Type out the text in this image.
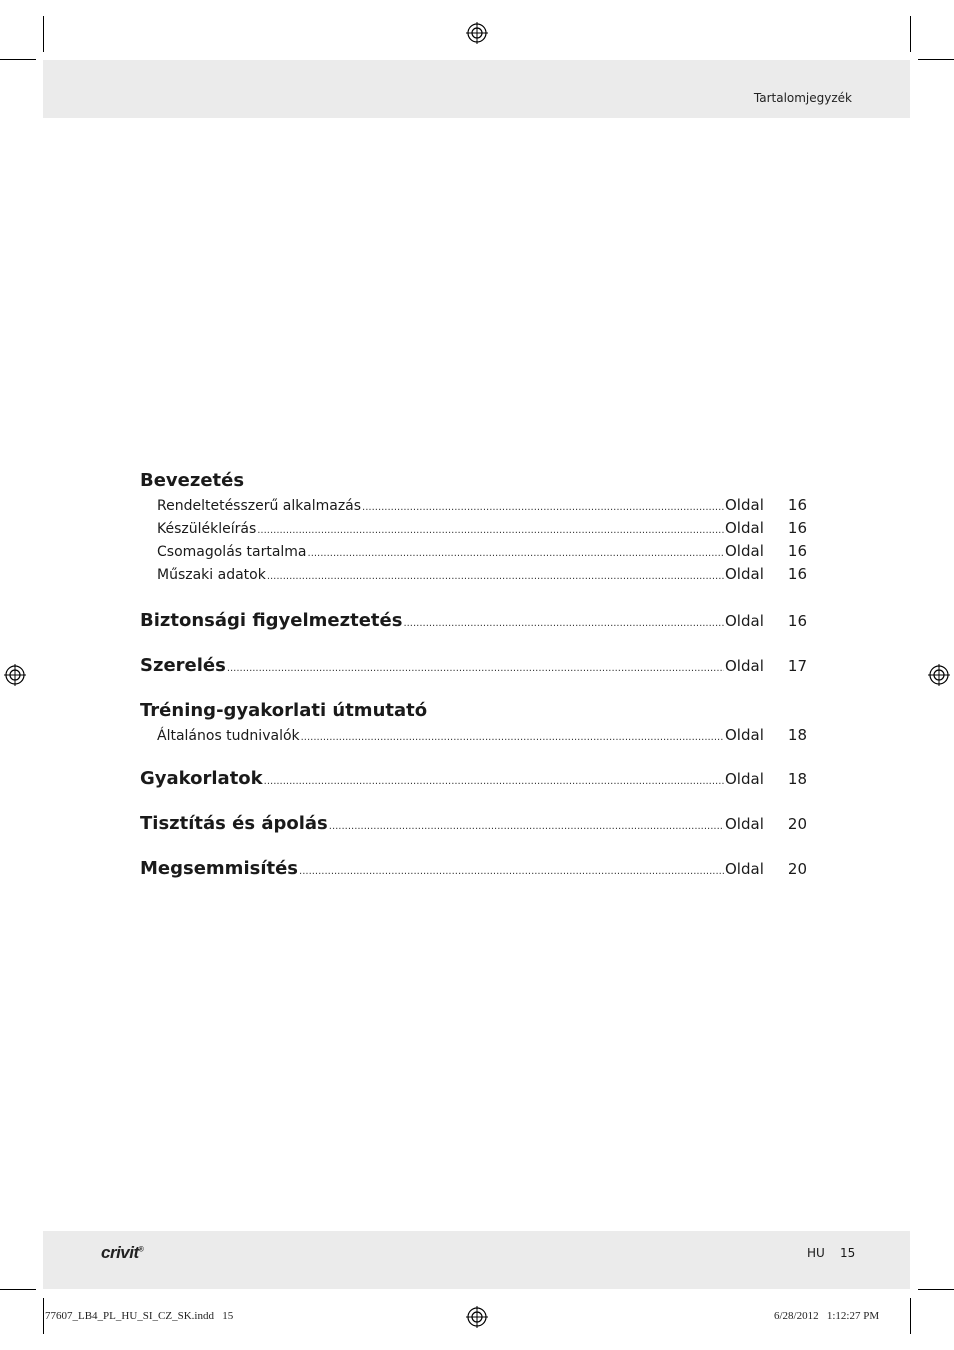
Tartalomjegyzék
Bevezetés
Rendeltetésszerű alkalmazás .....	Oldal	16
Készülékleírás .....	Oldal	16
Csomagolás tartalma .....	Oldal	16
Műszaki adatok .....	Oldal	16
Biztonsági figyelmeztetés .....	Oldal	16
Szerelés .....	Oldal	17
Tréning-gyakorlati útmutató
Általános tudnivalók .....	Oldal	18
Gyakorlatok .....	Oldal	18
Tisztítás és ápolás .....	Oldal	20
Megsemmisítés .....	Oldal	20
crivit®	HU 15
77607_LB4_PL_HU_SI_CZ_SK.indd   15	6/28/2012   1:12:27 PM
